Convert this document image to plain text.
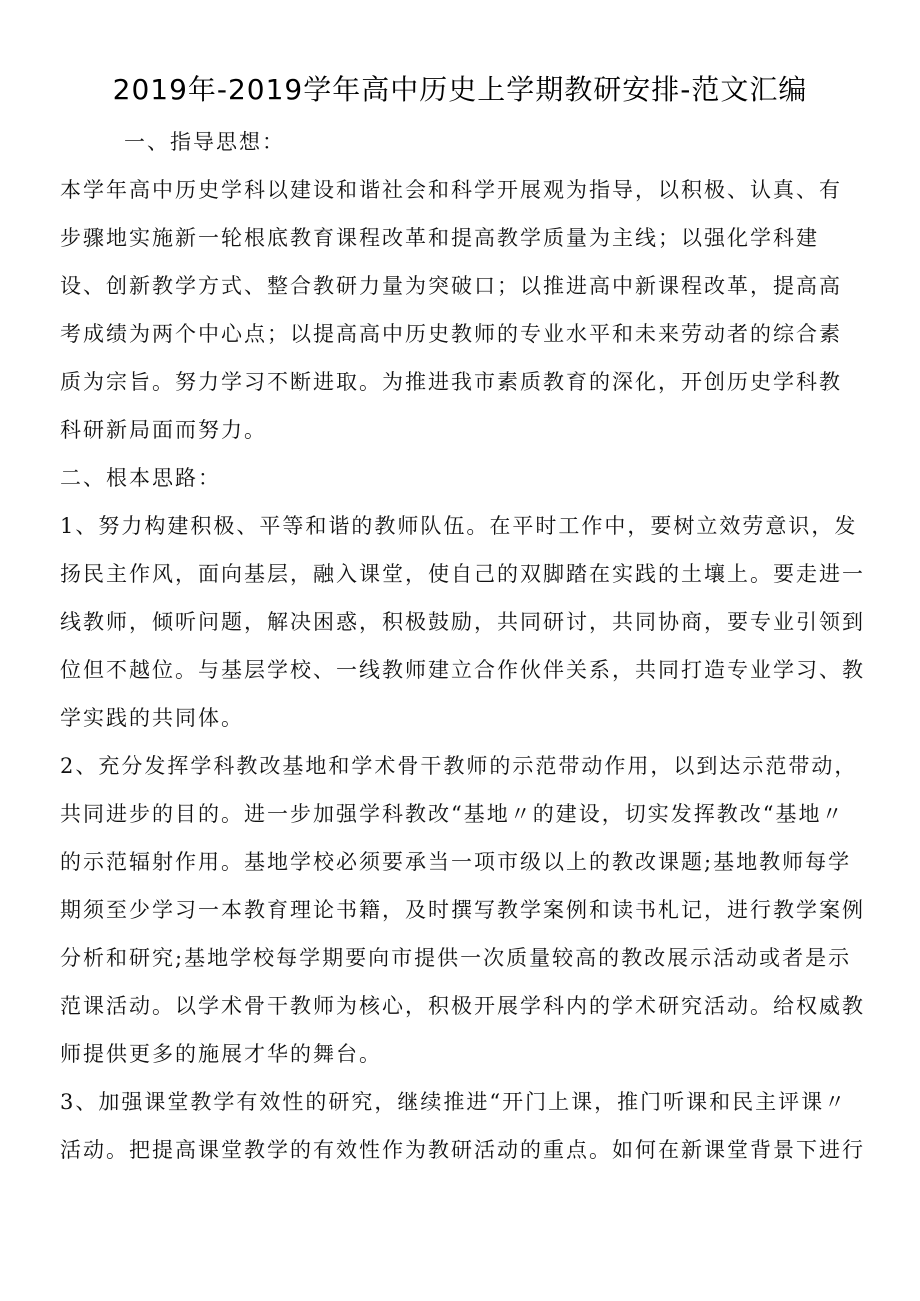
2019年-2019学年高中历史上学期教研安排-范文汇编
一、指导思想：
本学年高中历史学科以建设和谐社会和科学开展观为指导，以积极、认真、有
步骤地实施新一轮根底教育课程改革和提高教学质量为主线；以强化学科建
设、创新教学方式、整合教研力量为突破口；以推进高中新课程改革，提高高
考成绩为两个中心点；以提高高中历史教师的专业水平和未来劳动者的综合素
质为宗旨。努力学习不断进取。为推进我市素质教育的深化，开创历史学科教
科研新局面而努力。
二、根本思路：
1、努力构建积极、平等和谐的教师队伍。在平时工作中，要树立效劳意识，发
扬民主作风，面向基层，融入课堂，使自己的双脚踏在实践的土壤上。要走进一
线教师，倾听问题，解决困惑，积极鼓励，共同研讨，共同协商，要专业引领到
位但不越位。与基层学校、一线教师建立合作伙伴关系，共同打造专业学习、教
学实践的共同体。
2、充分发挥学科教改基地和学术骨干教师的示范带动作用，以到达示范带动，
共同进步的目的。进一步加强学科教改“基地〃的建设，切实发挥教改“基地〃
的示范辐射作用。基地学校必须要承当一项市级以上的教改课题;基地教师每学
期须至少学习一本教育理论书籍，及时撰写教学案例和读书札记，进行教学案例
分析和研究;基地学校每学期要向市提供一次质量较高的教改展示活动或者是示
范课活动。以学术骨干教师为核心，积极开展学科内的学术研究活动。给权威教
师提供更多的施展才华的舞台。
3、加强课堂教学有效性的研究，继续推进“开门上课，推门听课和民主评课〃
活动。把提高课堂教学的有效性作为教研活动的重点。如何在新课堂背景下进行
